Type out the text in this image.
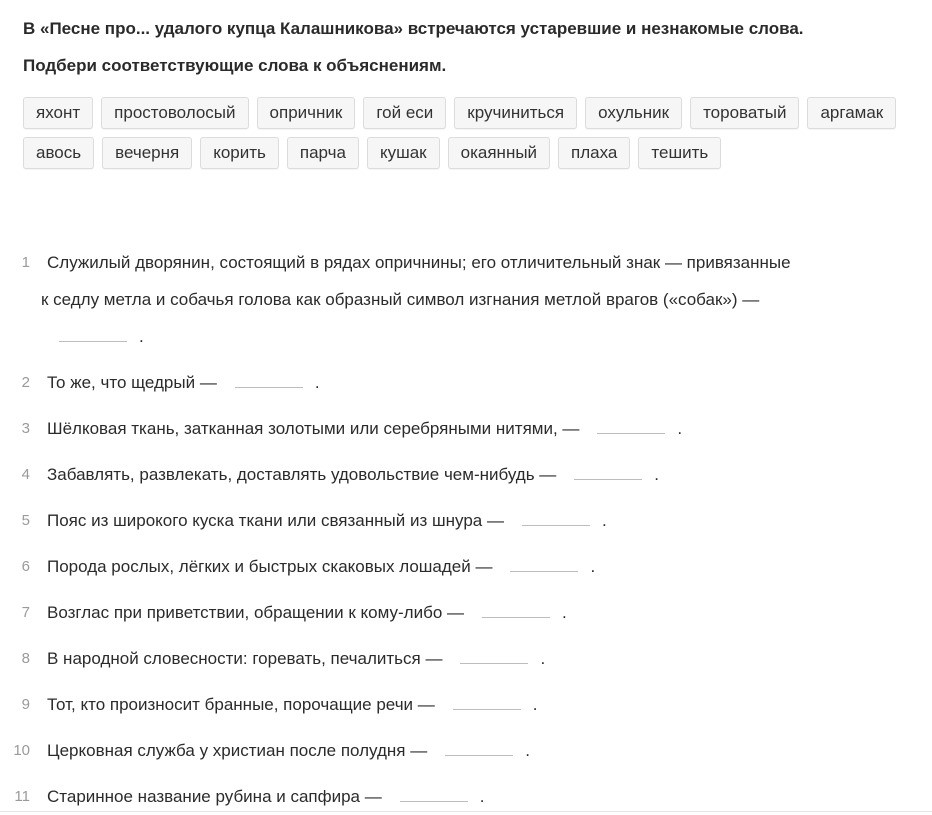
В «Песне про... удалого купца Калашникова» встречаются устаревшие и незнакомые слова.

Подбери соответствующие слова к объяснениям.

яхонт	простоволосый	опричник	гой еси	кручиниться	охульник	тороватый	аргамак
авось	вечерня	корить	парча	кушак	окаянный	плаха	тешить
1	Служилый дворянин, состоящий в рядах опричнины; его отличительный знак — привязанные
к седлу метла и собачья голова как образный символ изгнания метлой врагов («собак») —
.
2	То же, что щедрый —	.
3	Шёлковая ткань, затканная золотыми или серебряными нитями, —	.
4	Забавлять, развлекать, доставлять удовольствие чем-нибудь —	.
5	Пояс из широкого куска ткани или связанный из шнура —	.
6	Порода рослых, лёгких и быстрых скаковых лошадей —	.
7	Возглас при приветствии, обращении к кому-либо —	.
8	В народной словесности: горевать, печалиться —	.
9	Тот, кто произносит бранные, порочащие речи —	.
10	Церковная служба у христиан после полудня —	.
11	Старинное название рубина и сапфира —	.
